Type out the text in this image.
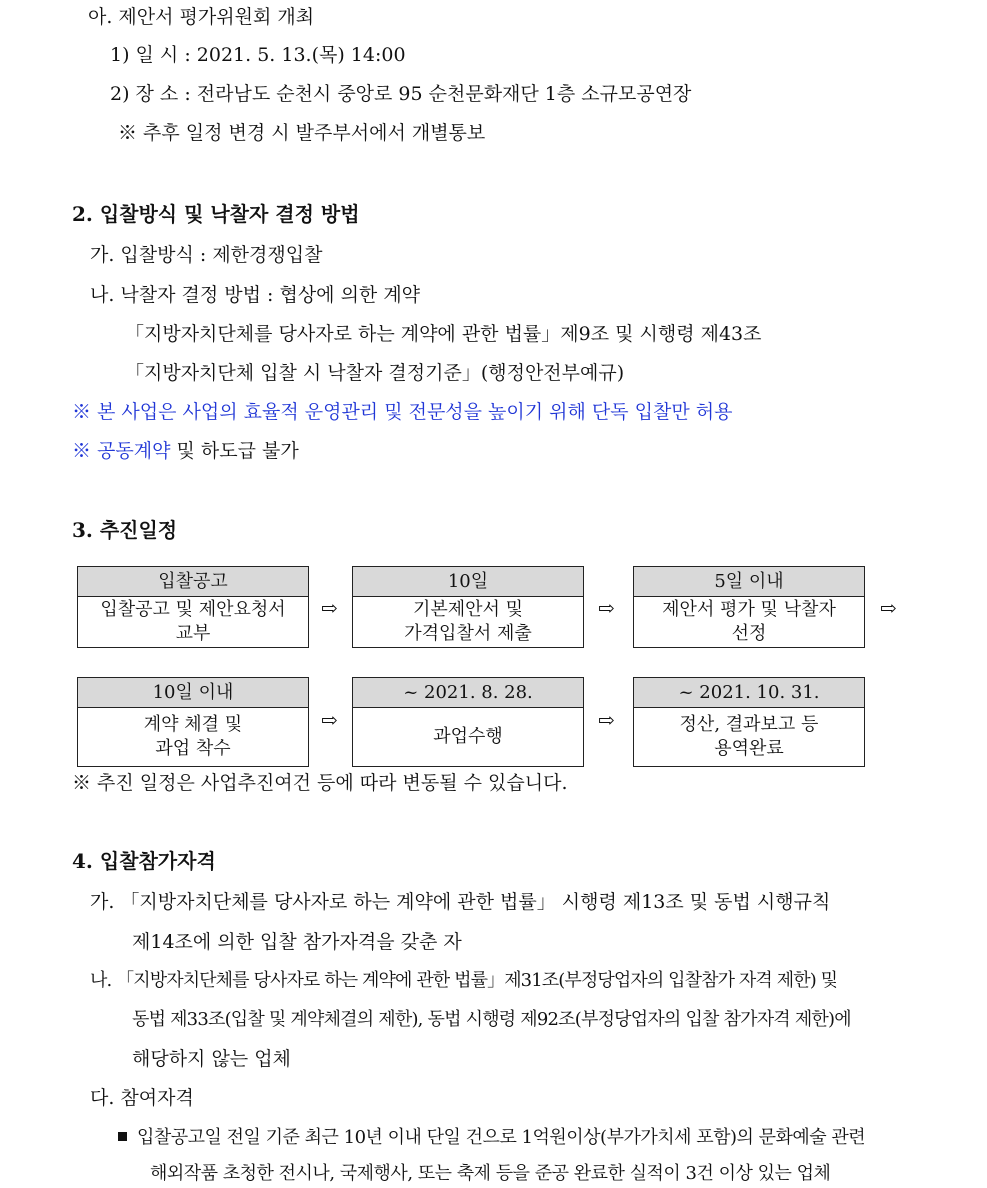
아. 제안서 평가위원회 개최
1) 일 시 : 2021. 5. 13.(목) 14:00
2) 장 소 : 전라남도 순천시 중앙로 95 순천문화재단 1층 소규모공연장
※ 추후 일정 변경 시 발주부서에서 개별통보
2. 입찰방식 및 낙찰자 결정 방법
가. 입찰방식 : 제한경쟁입찰
나. 낙찰자 결정 방법 : 협상에 의한 계약
「지방자치단체를 당사자로 하는 계약에 관한 법률」제9조 및 시행령 제43조
「지방자치단체 입찰 시 낙찰자 결정기준」(행정안전부예규)
※ 본 사업은 사업의 효율적 운영관리 및 전문성을 높이기 위해 단독 입찰만 허용
※ 공동계약 및 하도급 불가
3. 추진일정
입찰공고
입찰공고 및 제안요청서
교부
⇨
10일
기본제안서 및
가격입찰서 제출
⇨
5일 이내
제안서 평가 및 낙찰자
선정
⇨
10일 이내
계약 체결 및
과업 착수
⇨
~ 2021. 8. 28.
과업수행
⇨
~ 2021. 10. 31.
정산, 결과보고 등
용역완료
※ 추진 일정은 사업추진여건 등에 따라 변동될 수 있습니다.
4. 입찰참가자격
가. 「지방자치단체를 당사자로 하는 계약에 관한 법률」 시행령 제13조 및 동법 시행규칙
제14조에 의한 입찰 참가자격을 갖춘 자
나. 「지방자치단체를 당사자로 하는 계약에 관한 법률」제31조(부정당업자의 입찰참가 자격 제한) 및
동법 제33조(입찰 및 계약체결의 제한), 동법 시행령 제92조(부정당업자의 입찰 참가자격 제한)에
해당하지 않는 업체
다. 참여자격
입찰공고일 전일 기준 최근 10년 이내 단일 건으로 1억원이상(부가가치세 포함)의 문화예술 관련
해외작품 초청한 전시나, 국제행사, 또는 축제 등을 준공 완료한 실적이 3건 이상 있는 업체
